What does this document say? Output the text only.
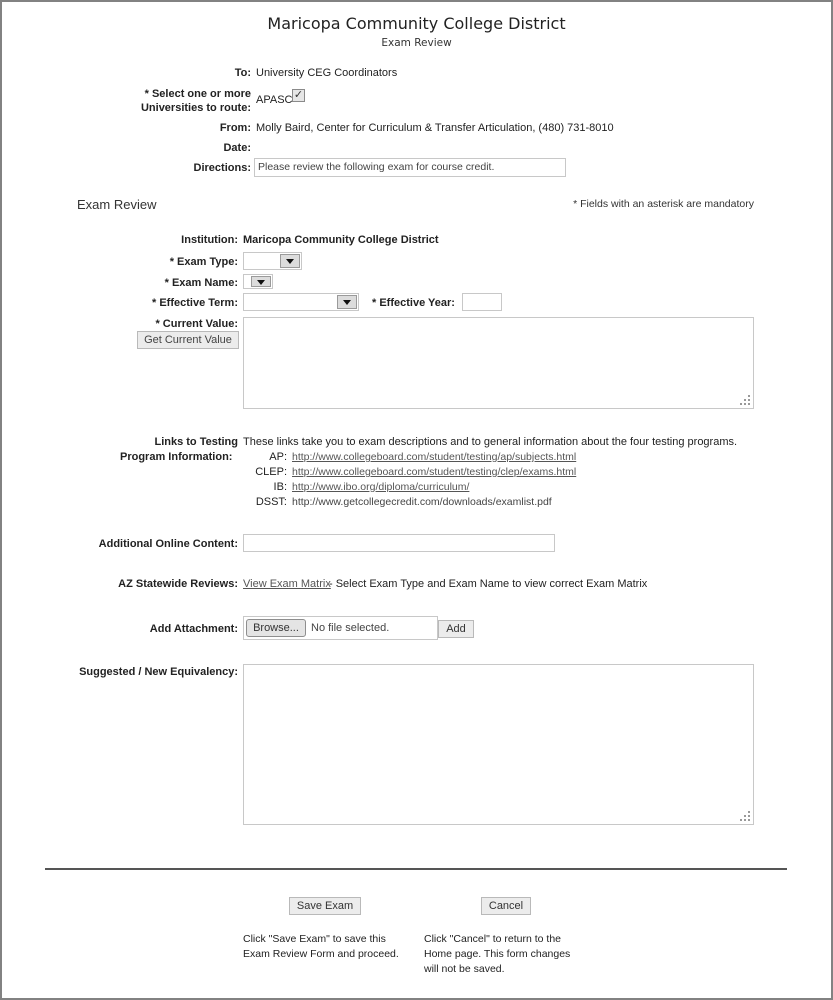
Maricopa Community College District
Exam Review
To: University CEG Coordinators
* Select one or more
Universities to route:
APASC ✓
From: Molly Baird, Center for Curriculum & Transfer Articulation, (480) 731-8010
Date:
Directions: Please review the following exam for course credit.
Exam Review	* Fields with an asterisk are mandatory
Institution: Maricopa Community College District
* Exam Type:
* Exam Name:
* Effective Term:	* Effective Year:
* Current Value:
Get Current Value
Links to Testing
Program Information:
These links take you to exam descriptions and to general information about the four testing programs.
AP: http://www.collegeboard.com/student/testing/ap/subjects.html
CLEP: http://www.collegeboard.com/student/testing/clep/exams.html
IB: http://www.ibo.org/diploma/curriculum/
DSST: http://www.getcollegecredit.com/downloads/examlist.pdf
Additional Online Content:
AZ Statewide Reviews: View Exam Matrix
- Select Exam Type and Exam Name to view correct Exam Matrix
Add Attachment:	Browse...	No file selected.	Add
Suggested / New Equivalency:
Save Exam
Click "Save Exam" to save this Exam Review Form and proceed.
Cancel
Click "Cancel" to return to the Home page. This form changes will not be saved.
